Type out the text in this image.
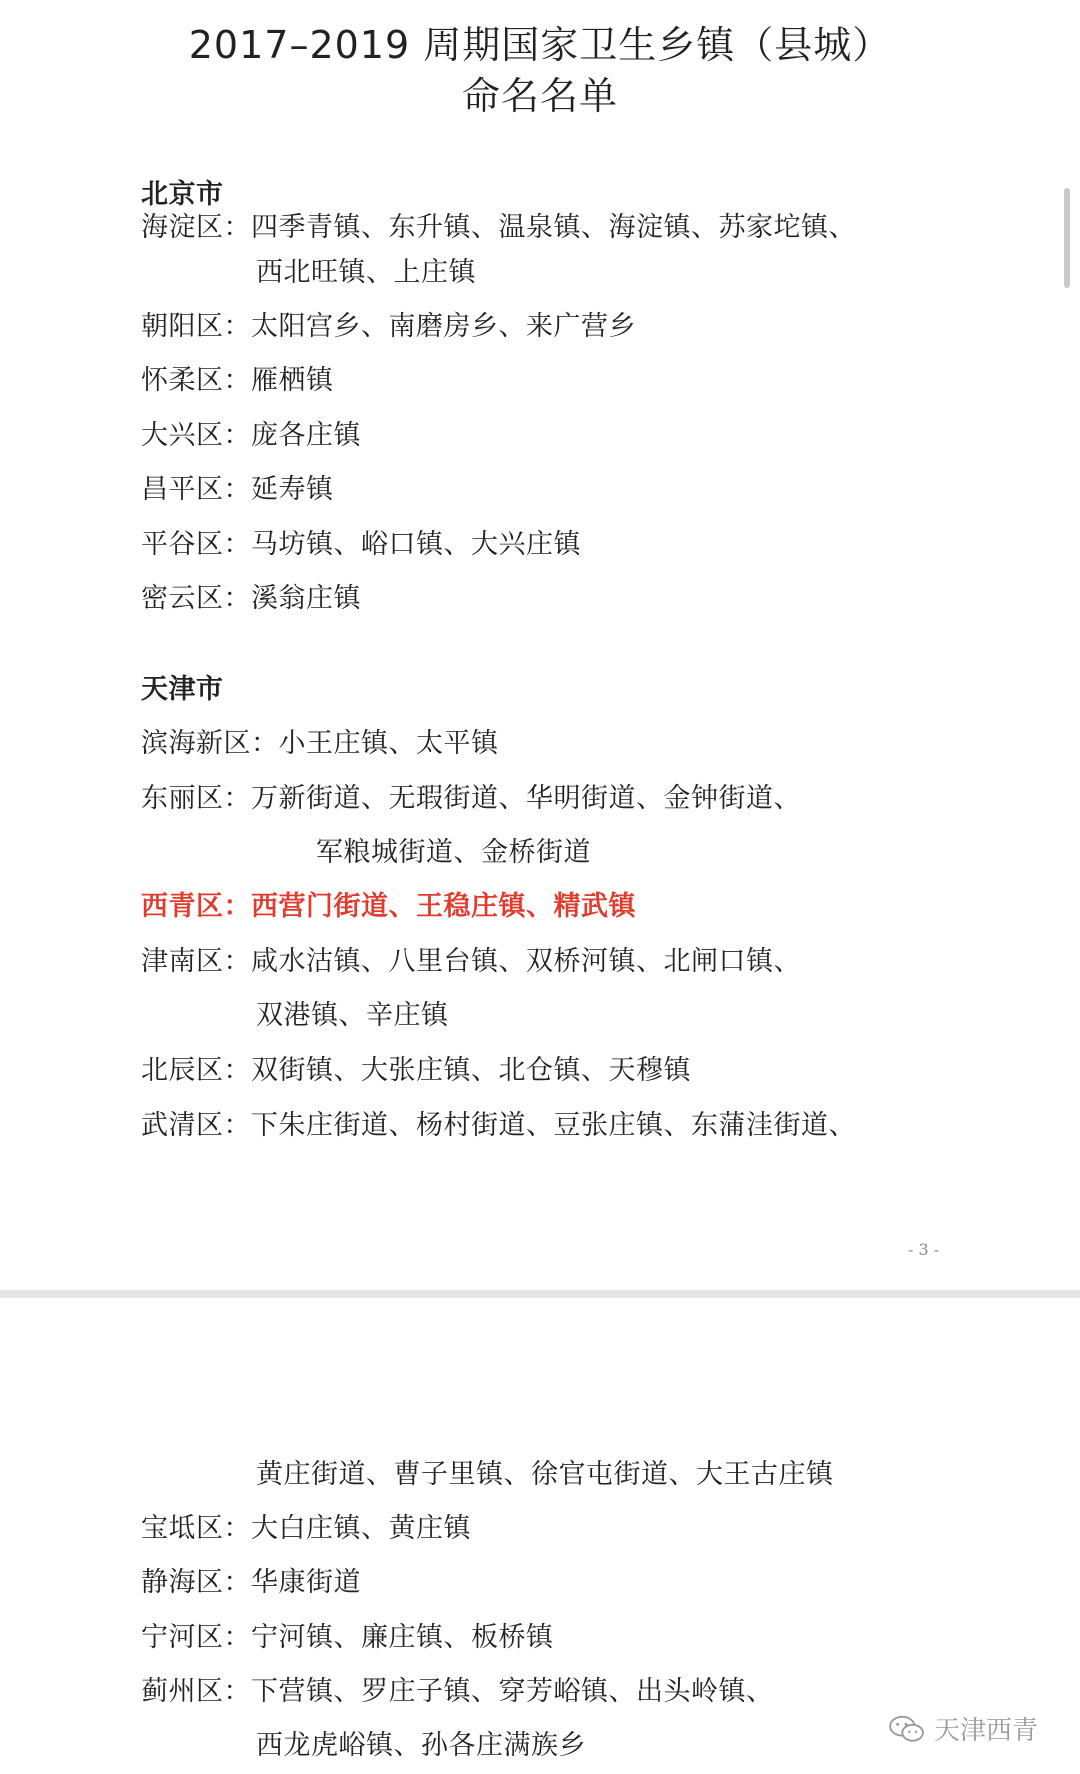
2017–2019 周期国家卫生乡镇（县城）
命名名单
北京市
海淀区：四季青镇、东升镇、温泉镇、海淀镇、苏家坨镇、
西北旺镇、上庄镇
朝阳区：太阳宫乡、南磨房乡、来广营乡
怀柔区：雁栖镇
大兴区：庞各庄镇
昌平区：延寿镇
平谷区：马坊镇、峪口镇、大兴庄镇
密云区：溪翁庄镇
天津市
滨海新区：小王庄镇、太平镇
东丽区：万新街道、无瑕街道、华明街道、金钟街道、
军粮城街道、金桥街道
西青区：西营门街道、王稳庄镇、精武镇
津南区：咸水沽镇、八里台镇、双桥河镇、北闸口镇、
双港镇、辛庄镇
北辰区：双街镇、大张庄镇、北仓镇、天穆镇
武清区：下朱庄街道、杨村街道、豆张庄镇、东蒲洼街道、
- 3 -
黄庄街道、曹子里镇、徐官屯街道、大王古庄镇
宝坻区：大白庄镇、黄庄镇
静海区：华康街道
宁河区：宁河镇、廉庄镇、板桥镇
蓟州区：下营镇、罗庄子镇、穿芳峪镇、出头岭镇、
西龙虎峪镇、孙各庄满族乡	天津西青
